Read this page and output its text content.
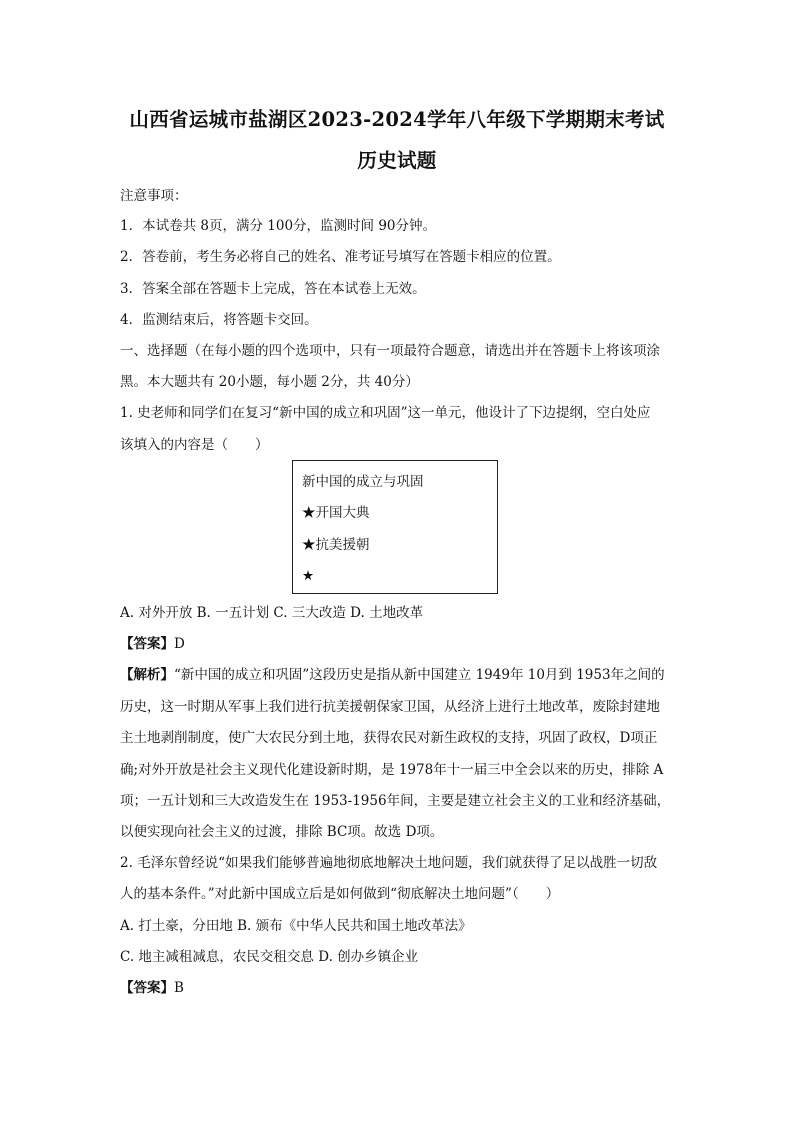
山西省运城市盐湖区2023-2024学年八年级下学期期末考试
历史试题
注意事项：
1．本试卷共 8页，满分 100分，监测时间 90分钟。
2．答卷前，考生务必将自己的姓名、准考证号填写在答题卡相应的位置。
3．答案全部在答题卡上完成，答在本试卷上无效。
4．监测结束后，将答题卡交回。
一、选择题（在每小题的四个选项中，只有一项最符合题意，请选出并在答题卡上将该项涂
黑。本大题共有 20小题，每小题 2分，共 40分）
1. 史老师和同学们在复习“新中国的成立和巩固”这一单元，他设计了下边提纲，空白处应
该填入的内容是（　　）
新中国的成立与巩固
★开国大典
★抗美援朝
★
A. 对外开放 B. 一五计划 C. 三大改造 D. 土地改革
【答案】D
【解析】“新中国的成立和巩固”这段历史是指从新中国建立 1949年 10月到 1953年之间的
历史，这一时期从军事上我们进行抗美援朝保家卫国，从经济上进行土地改革，废除封建地
主土地剥削制度，使广大农民分到土地，获得农民对新生政权的支持，巩固了政权，D项正
确;对外开放是社会主义现代化建设新时期，是 1978年十一届三中全会以来的历史，排除 A
项；一五计划和三大改造发生在 1953-1956年间，主要是建立社会主义的工业和经济基础，
以便实现向社会主义的过渡，排除 BC项。故选 D项。
2. 毛泽东曾经说“如果我们能够普遍地彻底地解决土地问题，我们就获得了足以战胜一切敌
人的基本条件。”对此新中国成立后是如何做到“彻底解决土地问题”（　　）
A. 打土豪，分田地 B. 颁布《中华人民共和国土地改革法》
C. 地主减租减息，农民交租交息 D. 创办乡镇企业
【答案】B
